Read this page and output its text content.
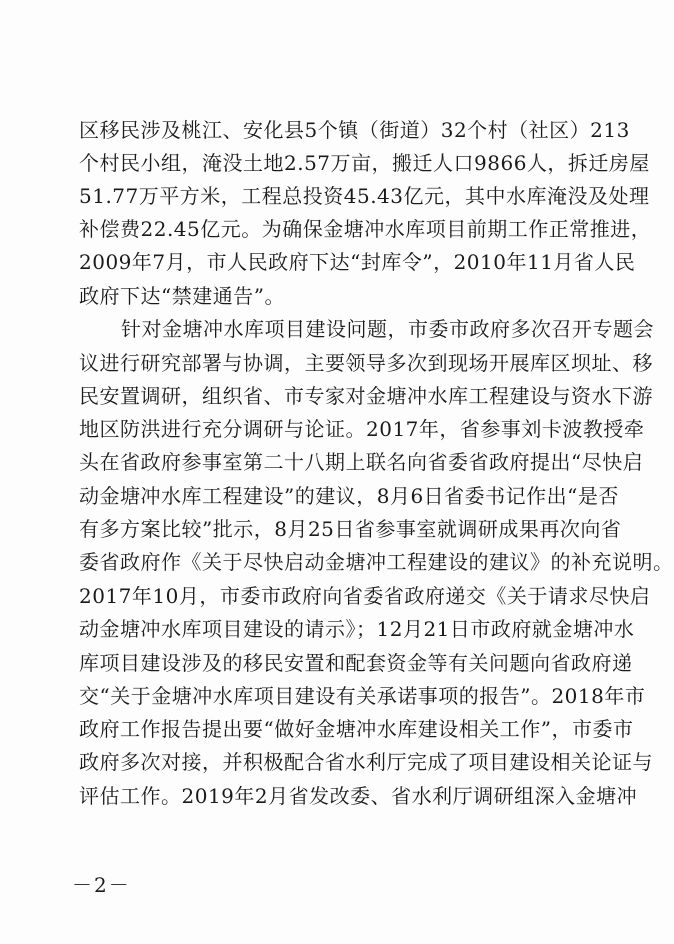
区移民涉及桃江、安化县5个镇（街道）32个村（社区）213
个村民小组，淹没土地2.57万亩，搬迁人口9866人，拆迁房屋
51.77万平方米，工程总投资45.43亿元，其中水库淹没及处理
补偿费22.45亿元。为确保金塘冲水库项目前期工作正常推进，
2009年7月，市人民政府下达“封库令”，2010年11月省人民
政府下达“禁建通告”。
针对金塘冲水库项目建设问题，市委市政府多次召开专题会
议进行研究部署与协调，主要领导多次到现场开展库区坝址、移
民安置调研，组织省、市专家对金塘冲水库工程建设与资水下游
地区防洪进行充分调研与论证。2017年，省参事刘卡波教授牵
头在省政府参事室第二十八期上联名向省委省政府提出“尽快启
动金塘冲水库工程建设”的建议，8月6日省委书记作出“是否
有多方案比较”批示，8月25日省参事室就调研成果再次向省
委省政府作《关于尽快启动金塘冲工程建设的建议》的补充说明。
2017年10月，市委市政府向省委省政府递交《关于请求尽快启
动金塘冲水库项目建设的请示》；12月21日市政府就金塘冲水
库项目建设涉及的移民安置和配套资金等有关问题向省政府递
交“关于金塘冲水库项目建设有关承诺事项的报告”。2018年市
政府工作报告提出要“做好金塘冲水库建设相关工作”，市委市
政府多次对接，并积极配合省水利厅完成了项目建设相关论证与
评估工作。2019年2月省发改委、省水利厅调研组深入金塘冲
－2－
